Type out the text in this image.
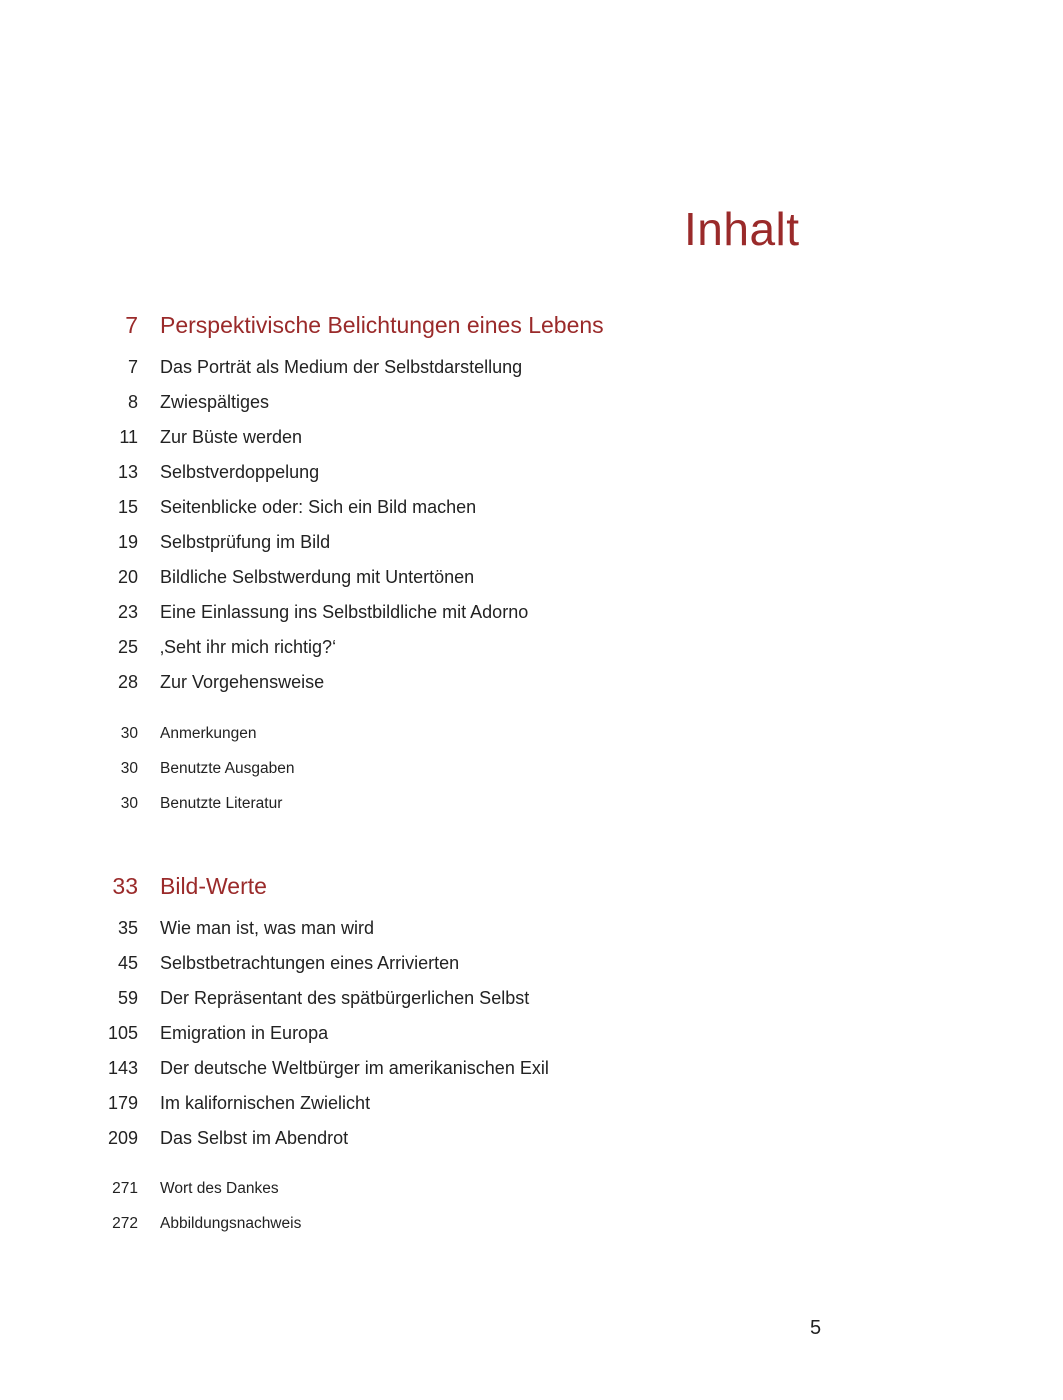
Inhalt
7 Perspektivische Belichtungen eines Lebens
7 Das Porträt als Medium der Selbstdarstellung
8 Zwiespältiges
11 Zur Büste werden
13 Selbstverdoppelung
15 Seitenblicke oder: Sich ein Bild machen
19 Selbstprüfung im Bild
20 Bildliche Selbstwerdung mit Untertönen
23 Eine Einlassung ins Selbstbildliche mit Adorno
25 ‚Seht ihr mich richtig?‘
28 Zur Vorgehensweise
30 Anmerkungen
30 Benutzte Ausgaben
30 Benutzte Literatur
33 Bild-Werte
35 Wie man ist, was man wird
45 Selbstbetrachtungen eines Arrivierten
59 Der Repräsentant des spätbürgerlichen Selbst
105 Emigration in Europa
143 Der deutsche Weltbürger im amerikanischen Exil
179 Im kalifornischen Zwielicht
209 Das Selbst im Abendrot
271 Wort des Dankes
272 Abbildungsnachweis
5
